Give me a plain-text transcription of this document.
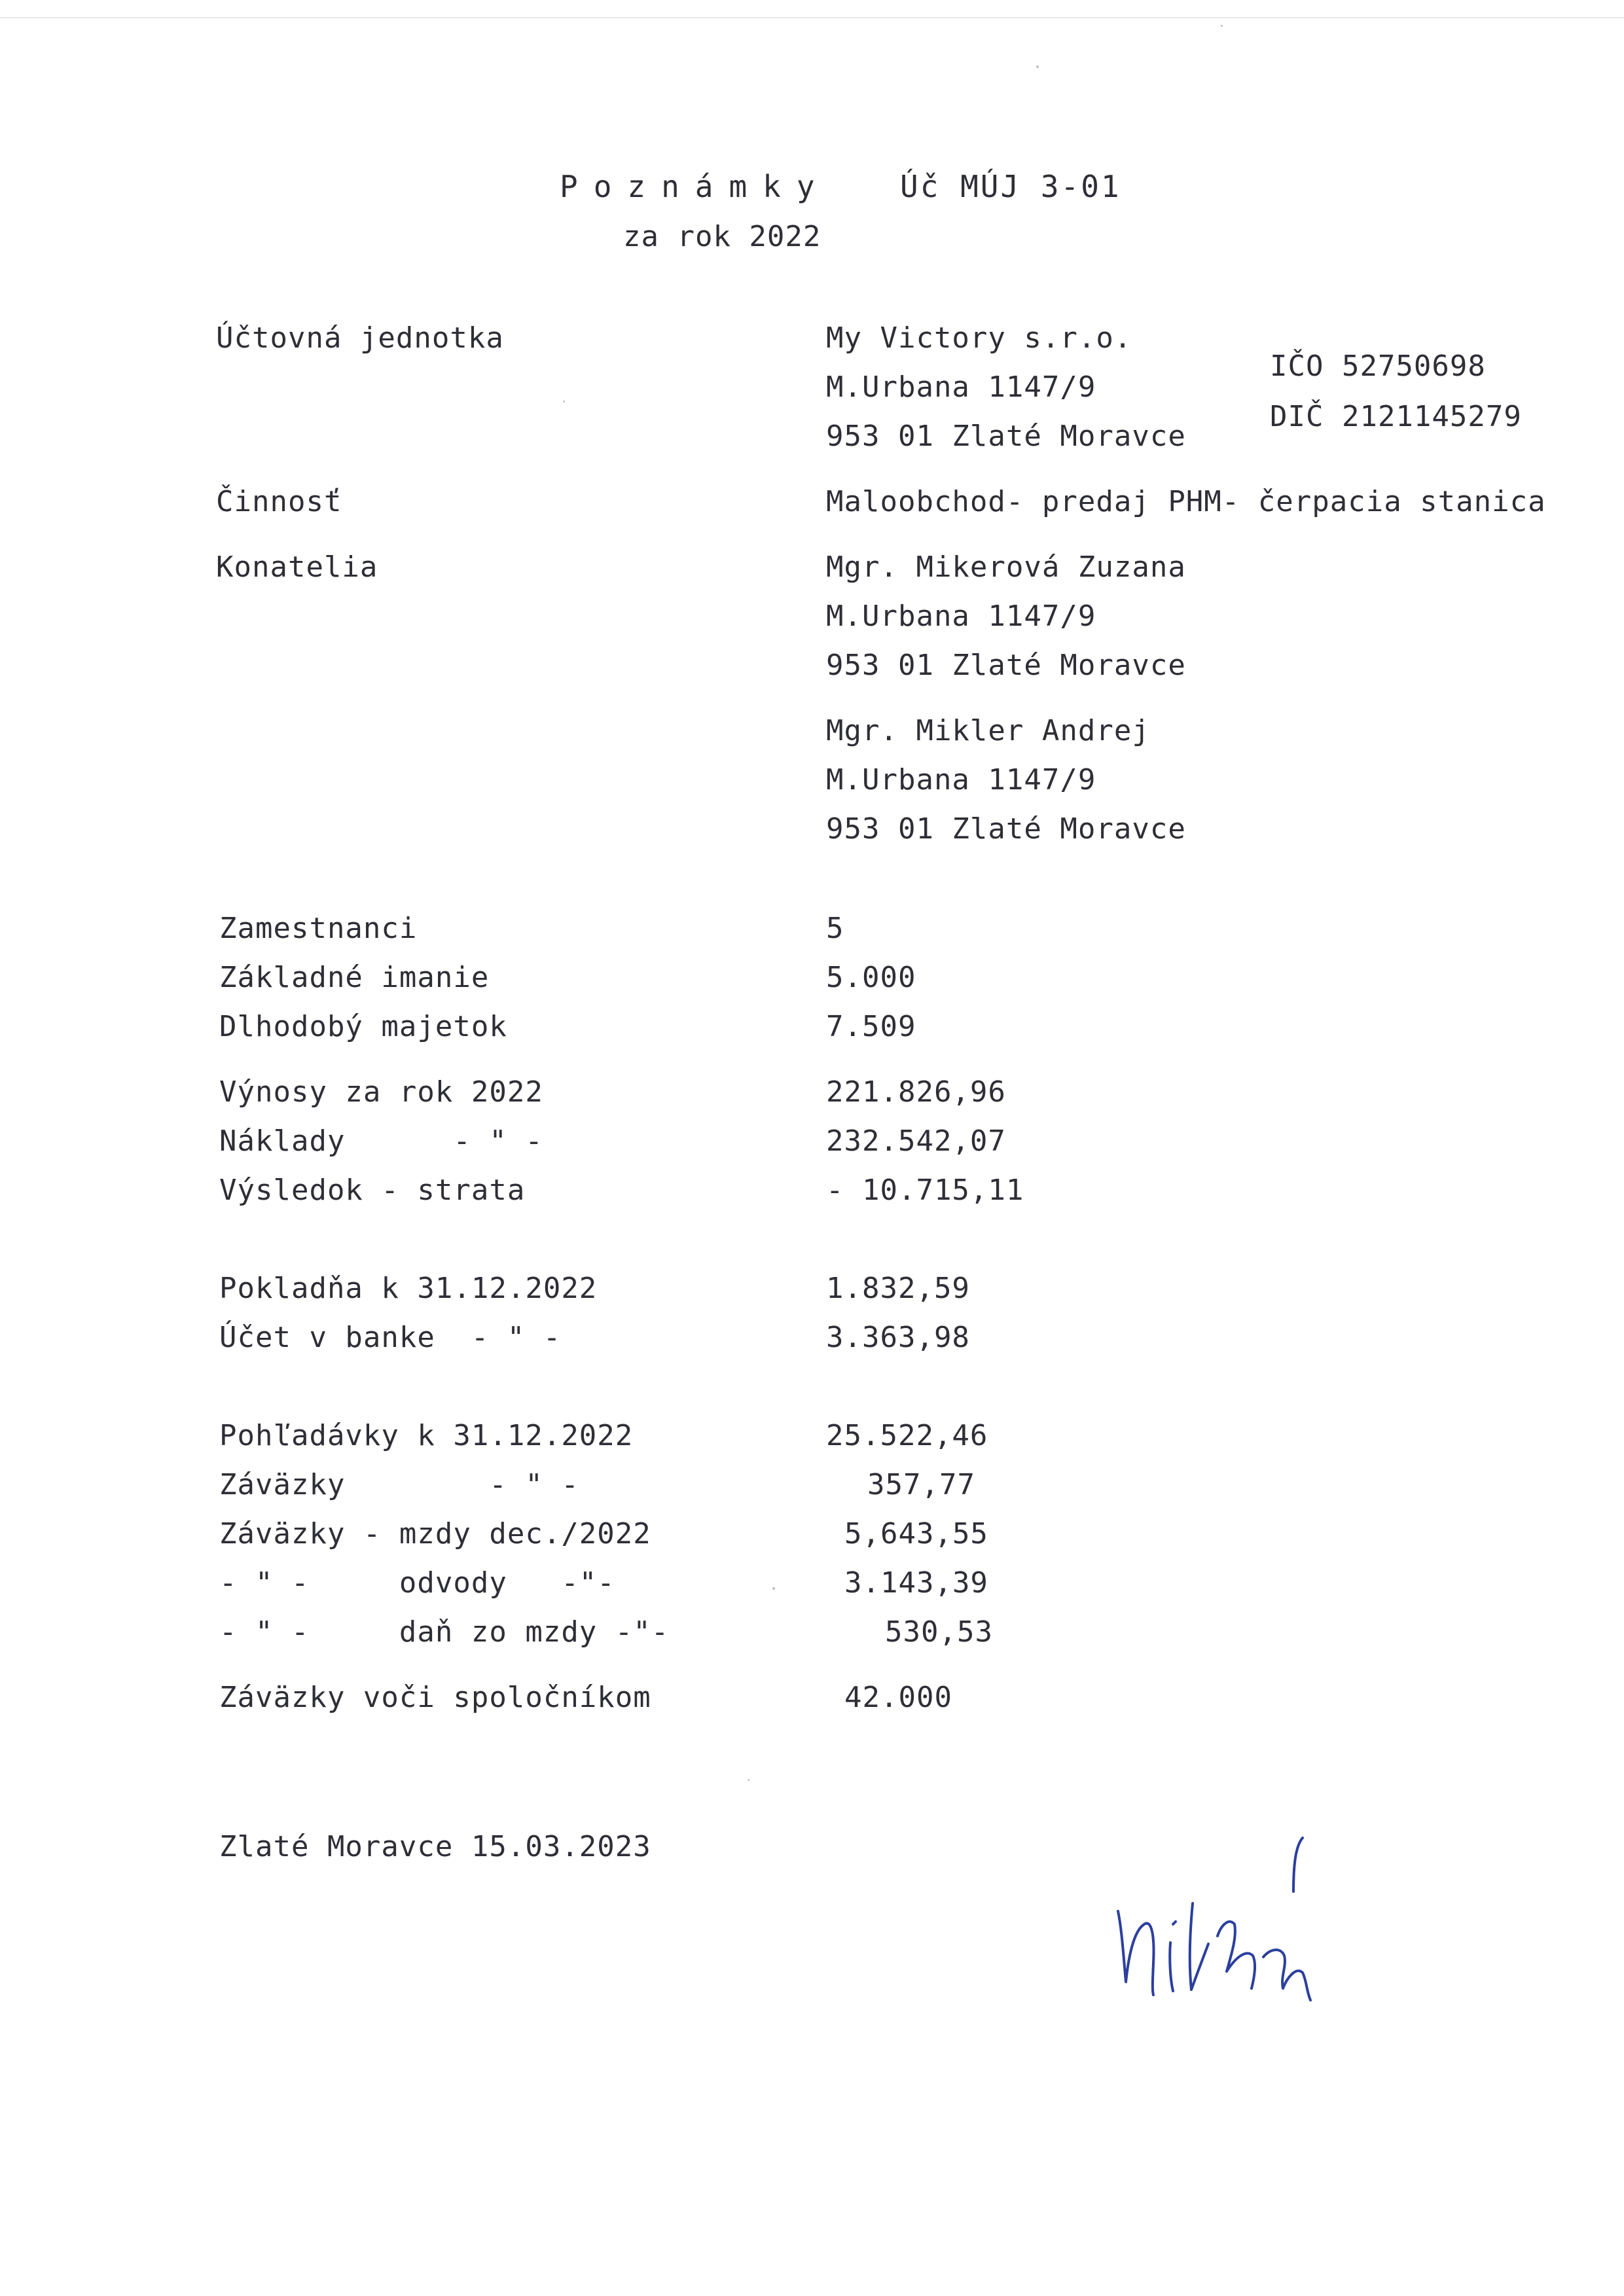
Poznámky Úč MÚJ 3-01
za rok 2022
Účtovná jednotka	My Victory s.r.o.
M.Urbana 1147/9
953 01 Zlaté Moravce
IČO 52750698
DIČ 2121145279
Činnosť	Maloobchod- predaj PHM- čerpacia stanica
Konatelia	Mgr. Mikerová Zuzana
M.Urbana 1147/9
953 01 Zlaté Moravce
Mgr. Mikler Andrej
M.Urbana 1147/9
953 01 Zlaté Moravce
Zamestnanci	5
Základné imanie	5.000
Dlhodobý majetok	7.509
Výnosy za rok 2022	221.826,96
Náklady      - " -	232.542,07
Výsledok - strata	- 10.715,11
Pokladňa k 31.12.2022	1.832,59
Účet v banke  - " -	3.363,98
Pohľadávky k 31.12.2022	25.522,46
Záväzky        - " -	357,77
Záväzky - mzdy dec./2022	5,643,55
- " -     odvody   -"-	3.143,39
- " -     daň zo mzdy -"-	530,53
Záväzky voči spoločníkom	42.000
Zlaté Moravce 15.03.2023
